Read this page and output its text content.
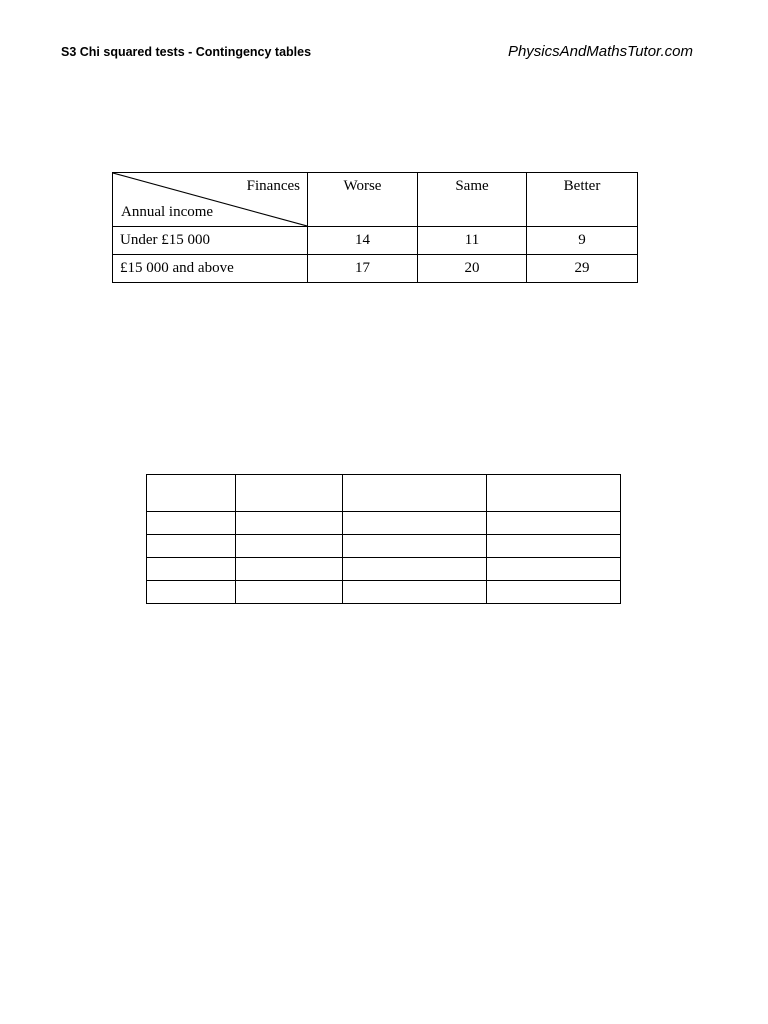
S3 Chi squared tests - Contingency tables	PhysicsAndMathsTutor.com
Finances
Annual income	Worse	Same	Better
Under £15 000	14	11	9
£15 000 and above	17	20	29
